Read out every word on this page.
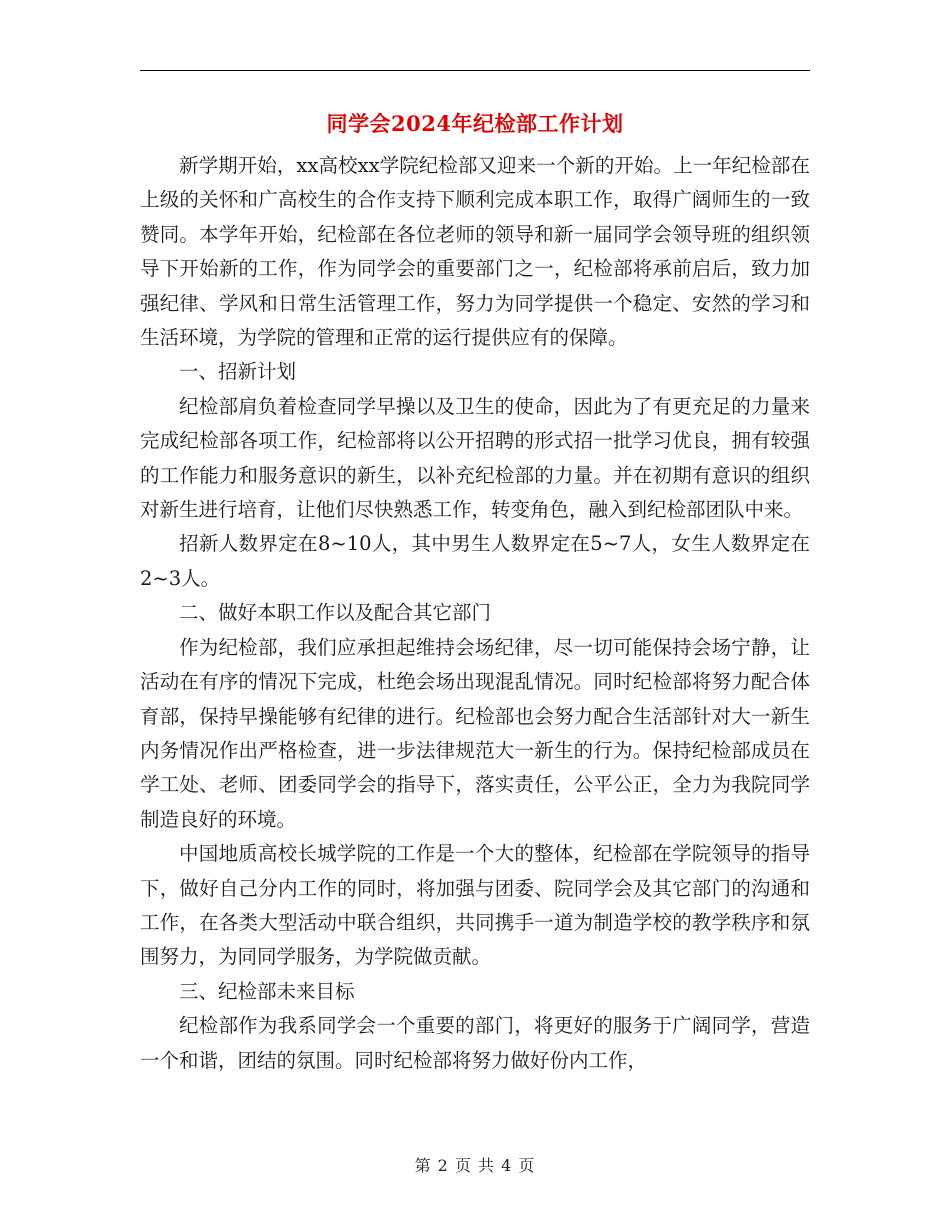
同学会2024年纪检部工作计划

新学期开始，xx高校xx学院纪检部又迎来一个新的开始。上一年纪检部在上级的关怀和广高校生的合作支持下顺利完成本职工作，取得广阔师生的一致赞同。本学年开始，纪检部在各位老师的领导和新一届同学会领导班的组织领导下开始新的工作，作为同学会的重要部门之一，纪检部将承前启后，致力加强纪律、学风和日常生活管理工作，努力为同学提供一个稳定、安然的学习和生活环境，为学院的管理和正常的运行提供应有的保障。

一、招新计划

纪检部肩负着检查同学早操以及卫生的使命，因此为了有更充足的力量来完成纪检部各项工作，纪检部将以公开招聘的形式招一批学习优良，拥有较强的工作能力和服务意识的新生，以补充纪检部的力量。并在初期有意识的组织对新生进行培育，让他们尽快熟悉工作，转变角色，融入到纪检部团队中来。

招新人数界定在8~10人，其中男生人数界定在5~7人，女生人数界定在2~3人。

二、做好本职工作以及配合其它部门

作为纪检部，我们应承担起维持会场纪律，尽一切可能保持会场宁静，让活动在有序的情况下完成，杜绝会场出现混乱情况。同时纪检部将努力配合体育部，保持早操能够有纪律的进行。纪检部也会努力配合生活部针对大一新生内务情况作出严格检查，进一步法律规范大一新生的行为。保持纪检部成员在学工处、老师、团委同学会的指导下，落实责任，公平公正，全力为我院同学制造良好的环境。

中国地质高校长城学院的工作是一个大的整体，纪检部在学院领导的指导下，做好自己分内工作的同时，将加强与团委、院同学会及其它部门的沟通和工作，在各类大型活动中联合组织，共同携手一道为制造学校的教学秩序和氛围努力，为同同学服务，为学院做贡献。

三、纪检部未来目标

纪检部作为我系同学会一个重要的部门，将更好的服务于广阔同学，营造一个和谐，团结的氛围。同时纪检部将努力做好份内工作，

第 2 页 共 4 页
